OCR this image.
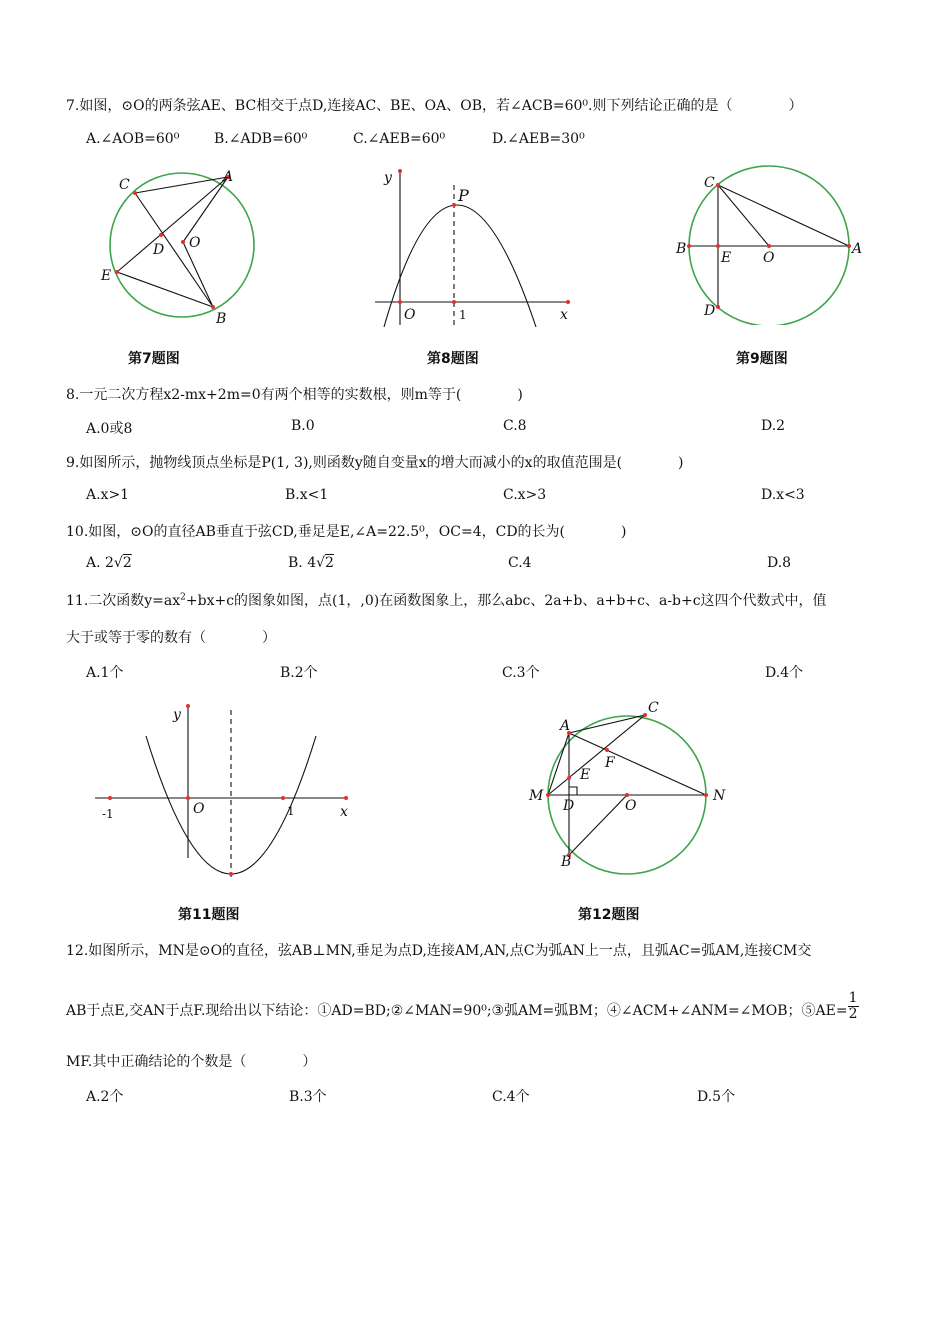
7.如图，⊙O的两条弦AE、BC相交于点D,连接AC、BE、OA、OB，若∠ACB=60⁰.则下列结论正确的是（　　　　）
A.∠AOB=60⁰ B.∠ADB=60⁰	C.∠AEB=60⁰	D.∠AEB=30⁰
C	A
D O
E
B
第7题图
y
P
O	1	x
第8题图
C
B
E O
A
D
第9题图
8.一元二次方程x2-mx+2m=0有两个相等的实数根，则m等于(　　　　)
A.0或8	B.0	C.8	D.2
9.如图所示，抛物线顶点坐标是P(1, 3),则函数y随自变量x的增大而减小的x的取值范围是(　　　　)
A.x>1	B.x<1	C.x>3	D.x<3
10.如图，⊙O的直径AB垂直于弦CD,垂足是E,∠A=22.5⁰，OC=4，CD的长为(　　　　)
A. 2√2	B. 4√2	C.4	D.8
11.二次函数$y=ax^2+bx+c$的图象如图，点(1，,0)在函数图象上，那么abc、2a+b、a+b+c、a-b+c这四个代数式中，值
大于或等于零的数有（　　　　）
A.1个	B.2个	C.3个	D.4个
y
-1	O	1	x
第11题图
A
C
F
E
M
D	O
N
B
第12题图
12.如图所示，MN是⊙O的直径，弦AB⊥MN,垂足为点D,连接AM,AN,点C为弧AN上一点，且弧AC=弧AM,连接CM交
AB于点E,交AN于点F.现给出以下结论：①AD=BD;②∠MAN=90⁰;③弧AM=弧BM；④∠ACM+∠ANM=∠MOB；⑤AE= $\frac{1}{2}$
MF.其中正确结论的个数是（　　　　）
A.2个	B.3个	C.4个	D.5个
